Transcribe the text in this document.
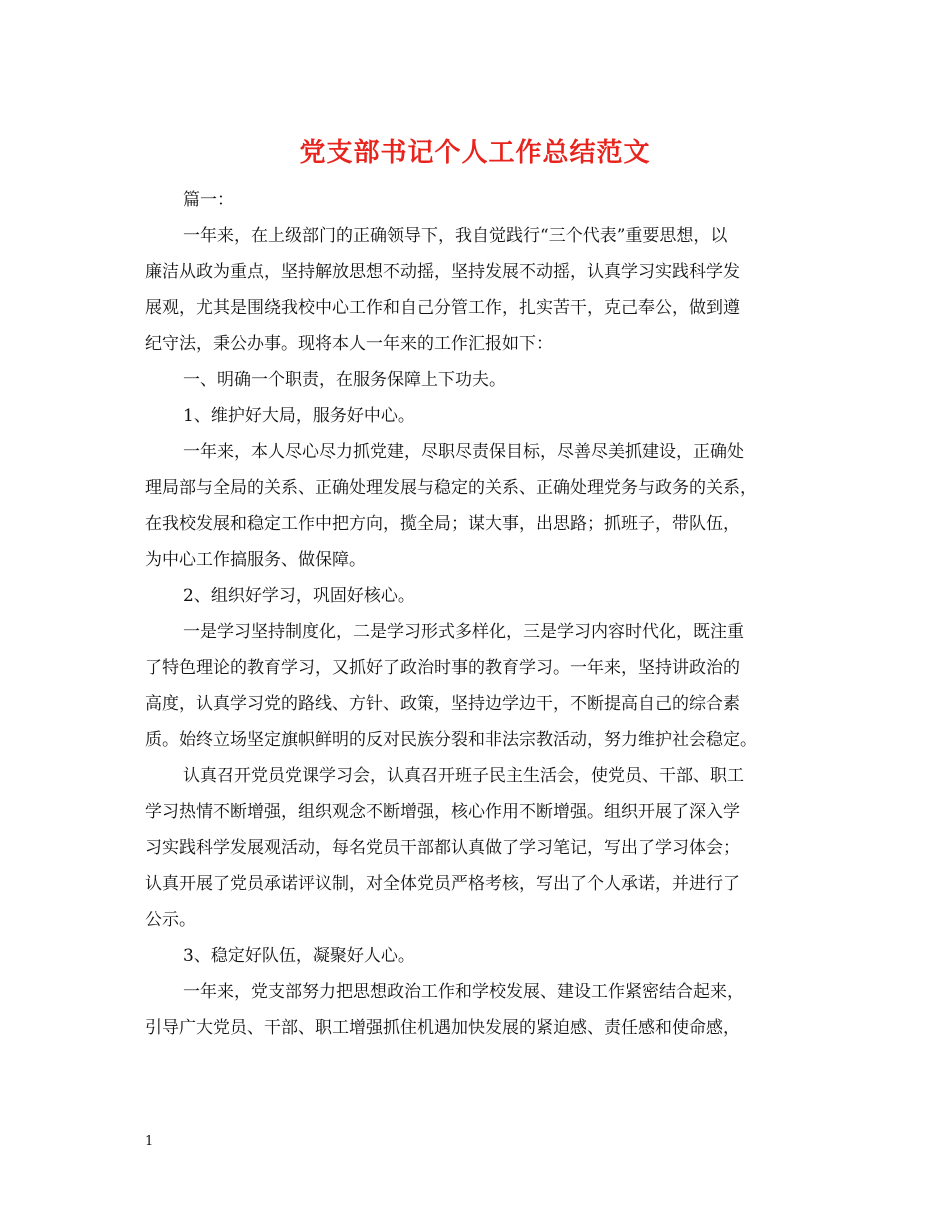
党支部书记个人工作总结范文
篇一：
一年来，在上级部门的正确领导下，我自觉践行“三个代表”重要思想，以
廉洁从政为重点，坚持解放思想不动摇，坚持发展不动摇，认真学习实践科学发
展观，尤其是围绕我校中心工作和自己分管工作，扎实苦干，克己奉公，做到遵
纪守法，秉公办事。现将本人一年来的工作汇报如下：
一、明确一个职责，在服务保障上下功夫。
1、维护好大局，服务好中心。
一年来，本人尽心尽力抓党建，尽职尽责保目标，尽善尽美抓建设，正确处
理局部与全局的关系、正确处理发展与稳定的关系、正确处理党务与政务的关系，
在我校发展和稳定工作中把方向，揽全局；谋大事，出思路；抓班子，带队伍，
为中心工作搞服务、做保障。
2、组织好学习，巩固好核心。
一是学习坚持制度化，二是学习形式多样化，三是学习内容时代化，既注重
了特色理论的教育学习，又抓好了政治时事的教育学习。一年来，坚持讲政治的
高度，认真学习党的路线、方针、政策，坚持边学边干，不断提高自己的综合素
质。始终立场坚定旗帜鲜明的反对民族分裂和非法宗教活动，努力维护社会稳定。
认真召开党员党课学习会，认真召开班子民主生活会，使党员、干部、职工
学习热情不断增强，组织观念不断增强，核心作用不断增强。组织开展了深入学
习实践科学发展观活动，每名党员干部都认真做了学习笔记，写出了学习体会；
认真开展了党员承诺评议制，对全体党员严格考核，写出了个人承诺，并进行了
公示。
3、稳定好队伍，凝聚好人心。
一年来，党支部努力把思想政治工作和学校发展、建设工作紧密结合起来，
引导广大党员、干部、职工增强抓住机遇加快发展的紧迫感、责任感和使命感，
1
